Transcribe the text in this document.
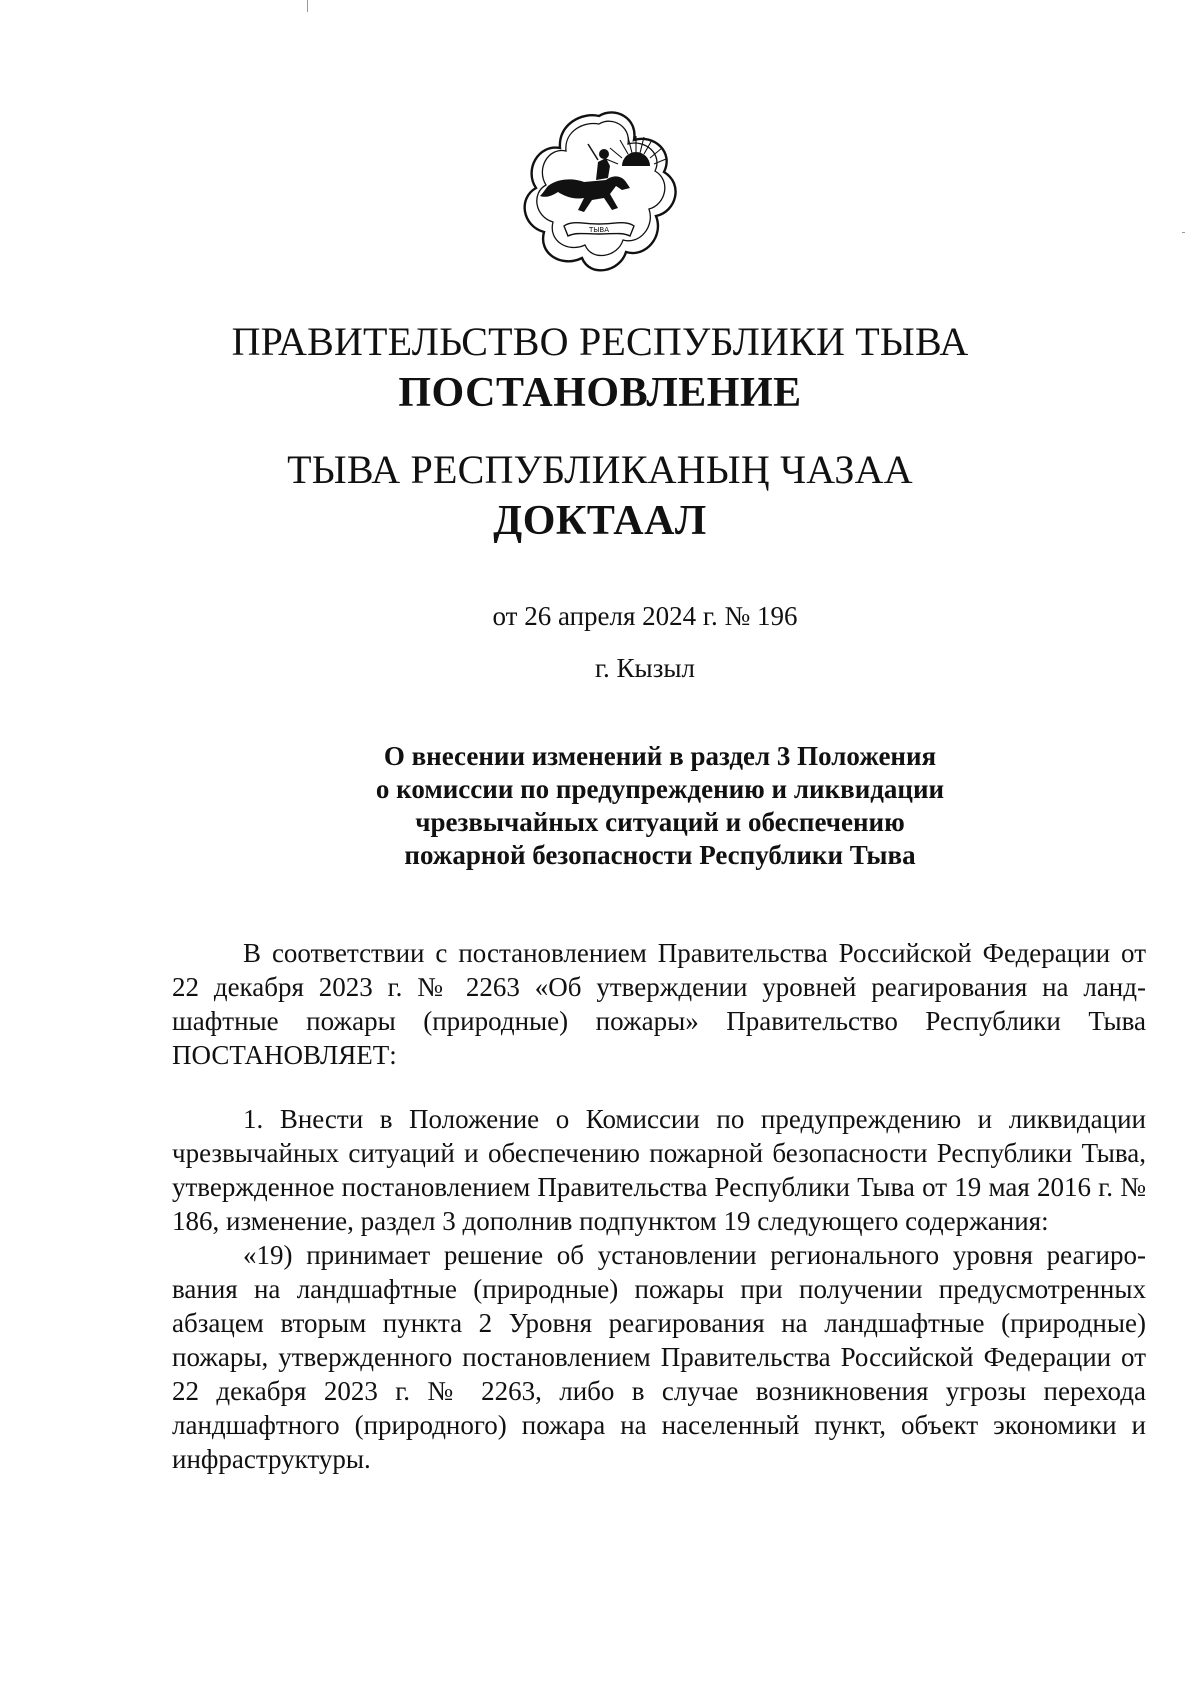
ТЫВА
ПРАВИТЕЛЬСТВО РЕСПУБЛИКИ ТЫВА
ПОСТАНОВЛЕНИЕ
ТЫВА РЕСПУБЛИКАНЫҢ ЧАЗАА
ДОКТААЛ
от 26 апреля 2024 г. № 196
г. Кызыл
О внесении изменений в раздел 3 Положения
о комиссии по предупреждению и ликвидации
чрезвычайных ситуаций и обеспечению
пожарной безопасности Республики Тыва

В соответствии с постановлением Правительства Российской Федерации от 22 декабря 2023 г. № 2263 «Об утверждении уровней реагирования на ландшафтные пожары (природные) пожары» Правительство Республики Тыва ПОСТАНОВЛЯЕТ:

1. Внести в Положение о Комиссии по предупреждению и ликвидации чрезвычайных ситуаций и обеспечению пожарной безопасности Республики Тыва, утвержденное постановлением Правительства Республики Тыва от 19 мая 2016 г. № 186, изменение, раздел 3 дополнив подпунктом 19 следующего содержания:

«19) принимает решение об установлении регионального уровня реагирования на ландшафтные (природные) пожары при получении предусмотренных абзацем вторым пункта 2 Уровня реагирования на ландшафтные (природные) пожары, утвержденного постановлением Правительства Российской Федерации от 22 декабря 2023 г. № 2263, либо в случае возникновения угрозы перехода ландшафтного (природного) пожара на населенный пункт, объект экономики и инфраструктуры.
